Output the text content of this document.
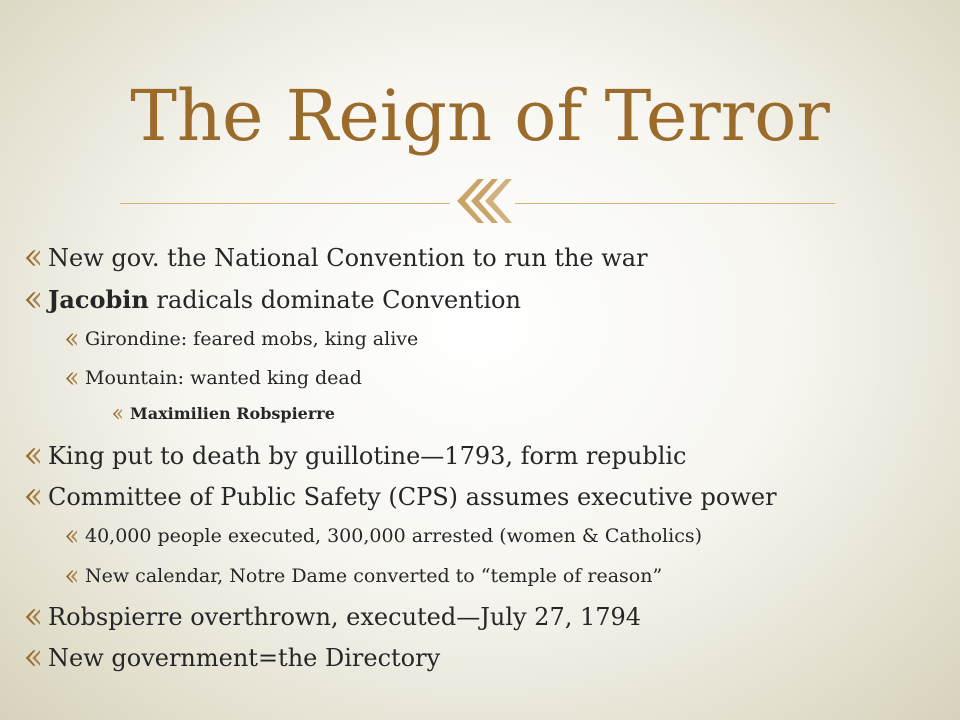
The Reign of Terror
New gov. the National Convention to run the war
Jacobin radicals dominate Convention
Girondine: feared mobs, king alive
Mountain: wanted king dead
Maximilien Robspierre
King put to death by guillotine—1793, form republic
Committee of Public Safety (CPS) assumes executive power
40,000 people executed, 300,000 arrested (women & Catholics)
New calendar, Notre Dame converted to “temple of reason”
Robspierre overthrown, executed—July 27, 1794
New government=the Directory
